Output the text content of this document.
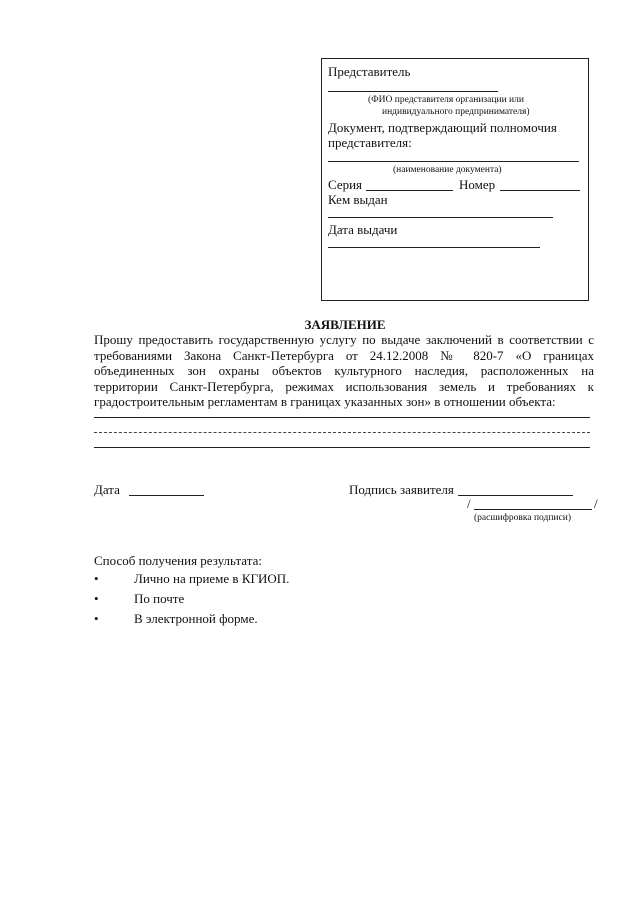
Представитель
(ФИО представителя организации или
индивидуального предпринимателя)
Документ, подтверждающий полномочия
представителя:
(наименование документа)
Серия	Номер
Кем выдан
Дата выдачи
ЗАЯВЛЕНИЕ
Прошу предоставить государственную услугу по выдаче заключений в соответствии с требованиями Закона Санкт-Петербурга от 24.12.2008 № 820-7 «О границах объединенных зон охраны объектов культурного наследия, расположенных на территории Санкт-Петербурга, режимах использования земель и требованиях к градостроительным регламентам в границах указанных зон» в отношении объекта:
Дата	Подпись заявителя
/	/
(расшифровка подписи)
Способ получения результата:
•	Лично на приеме в КГИОП.
•	По почте
•	В электронной форме.
